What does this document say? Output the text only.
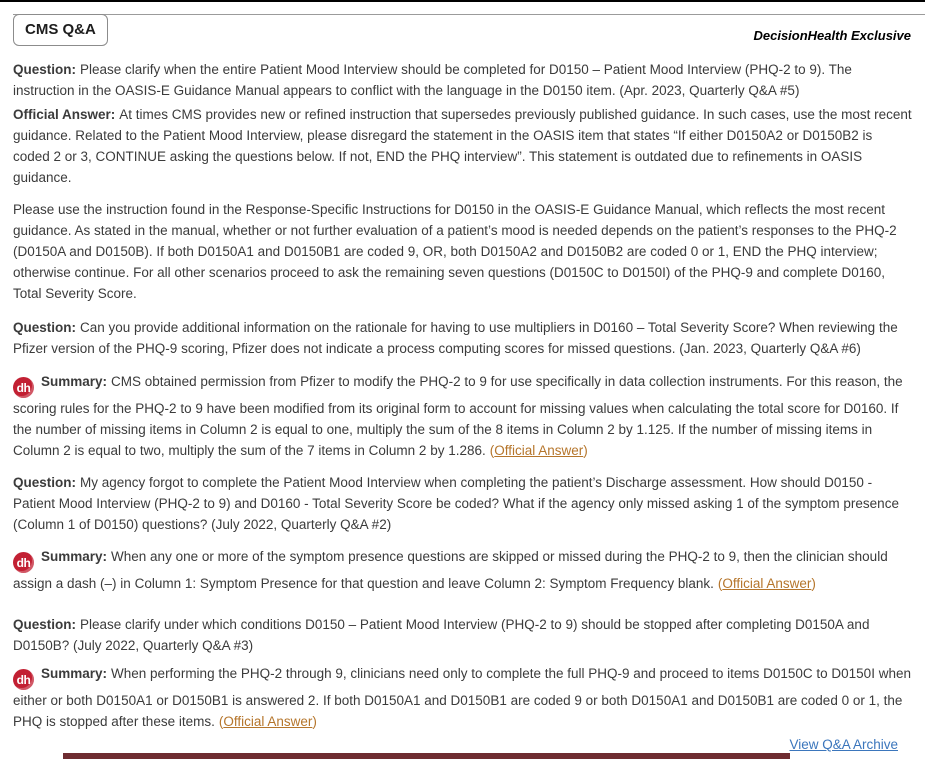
CMS Q&A	DecisionHealth Exclusive

Question: Please clarify when the entire Patient Mood Interview should be completed for D0150 – Patient Mood Interview (PHQ-2 to 9). The instruction in the OASIS-E Guidance Manual appears to conflict with the language in the D0150 item. (Apr. 2023, Quarterly Q&A #5)

Official Answer: At times CMS provides new or refined instruction that supersedes previously published guidance. In such cases, use the most recent guidance. Related to the Patient Mood Interview, please disregard the statement in the OASIS item that states “If either D0150A2 or D0150B2 is coded 2 or 3, CONTINUE asking the questions below. If not, END the PHQ interview”. This statement is outdated due to refinements in OASIS guidance.

Please use the instruction found in the Response-Specific Instructions for D0150 in the OASIS-E Guidance Manual, which reflects the most recent guidance. As stated in the manual, whether or not further evaluation of a patient’s mood is needed depends on the patient’s responses to the PHQ-2 (D0150A and D0150B). If both D0150A1 and D0150B1 are coded 9, OR, both D0150A2 and D0150B2 are coded 0 or 1, END the PHQ interview; otherwise continue. For all other scenarios proceed to ask the remaining seven questions (D0150C to D0150I) of the PHQ-9 and complete D0160, Total Severity Score.

Question: Can you provide additional information on the rationale for having to use multipliers in D0160 – Total Severity Score? When reviewing the Pfizer version of the PHQ-9 scoring, Pfizer does not indicate a process computing scores for missed questions. (Jan. 2023, Quarterly Q&A #6)

dh Summary: CMS obtained permission from Pfizer to modify the PHQ-2 to 9 for use specifically in data collection instruments. For this reason, the scoring rules for the PHQ-2 to 9 have been modified from its original form to account for missing values when calculating the total score for D0160. If the number of missing items in Column 2 is equal to one, multiply the sum of the 8 items in Column 2 by 1.125. If the number of missing items in Column 2 is equal to two, multiply the sum of the 7 items in Column 2 by 1.286. (Official Answer)

Question: My agency forgot to complete the Patient Mood Interview when completing the patient’s Discharge assessment. How should D0150 - Patient Mood Interview (PHQ-2 to 9) and D0160 - Total Severity Score be coded? What if the agency only missed asking 1 of the symptom presence (Column 1 of D0150) questions? (July 2022, Quarterly Q&A #2)

dh Summary: When any one or more of the symptom presence questions are skipped or missed during the PHQ-2 to 9, then the clinician should assign a dash (–) in Column 1: Symptom Presence for that question and leave Column 2: Symptom Frequency blank. (Official Answer)

Question: Please clarify under which conditions D0150 – Patient Mood Interview (PHQ-2 to 9) should be stopped after completing D0150A and D0150B? (July 2022, Quarterly Q&A #3)

dh Summary: When performing the PHQ-2 through 9, clinicians need only to complete the full PHQ-9 and proceed to items D0150C to D0150I when either or both D0150A1 or D0150B1 is answered 2. If both D0150A1 and D0150B1 are coded 9 or both D0150A1 and D0150B1 are coded 0 or 1, the PHQ is stopped after these items. (Official Answer)

View Q&A Archive
